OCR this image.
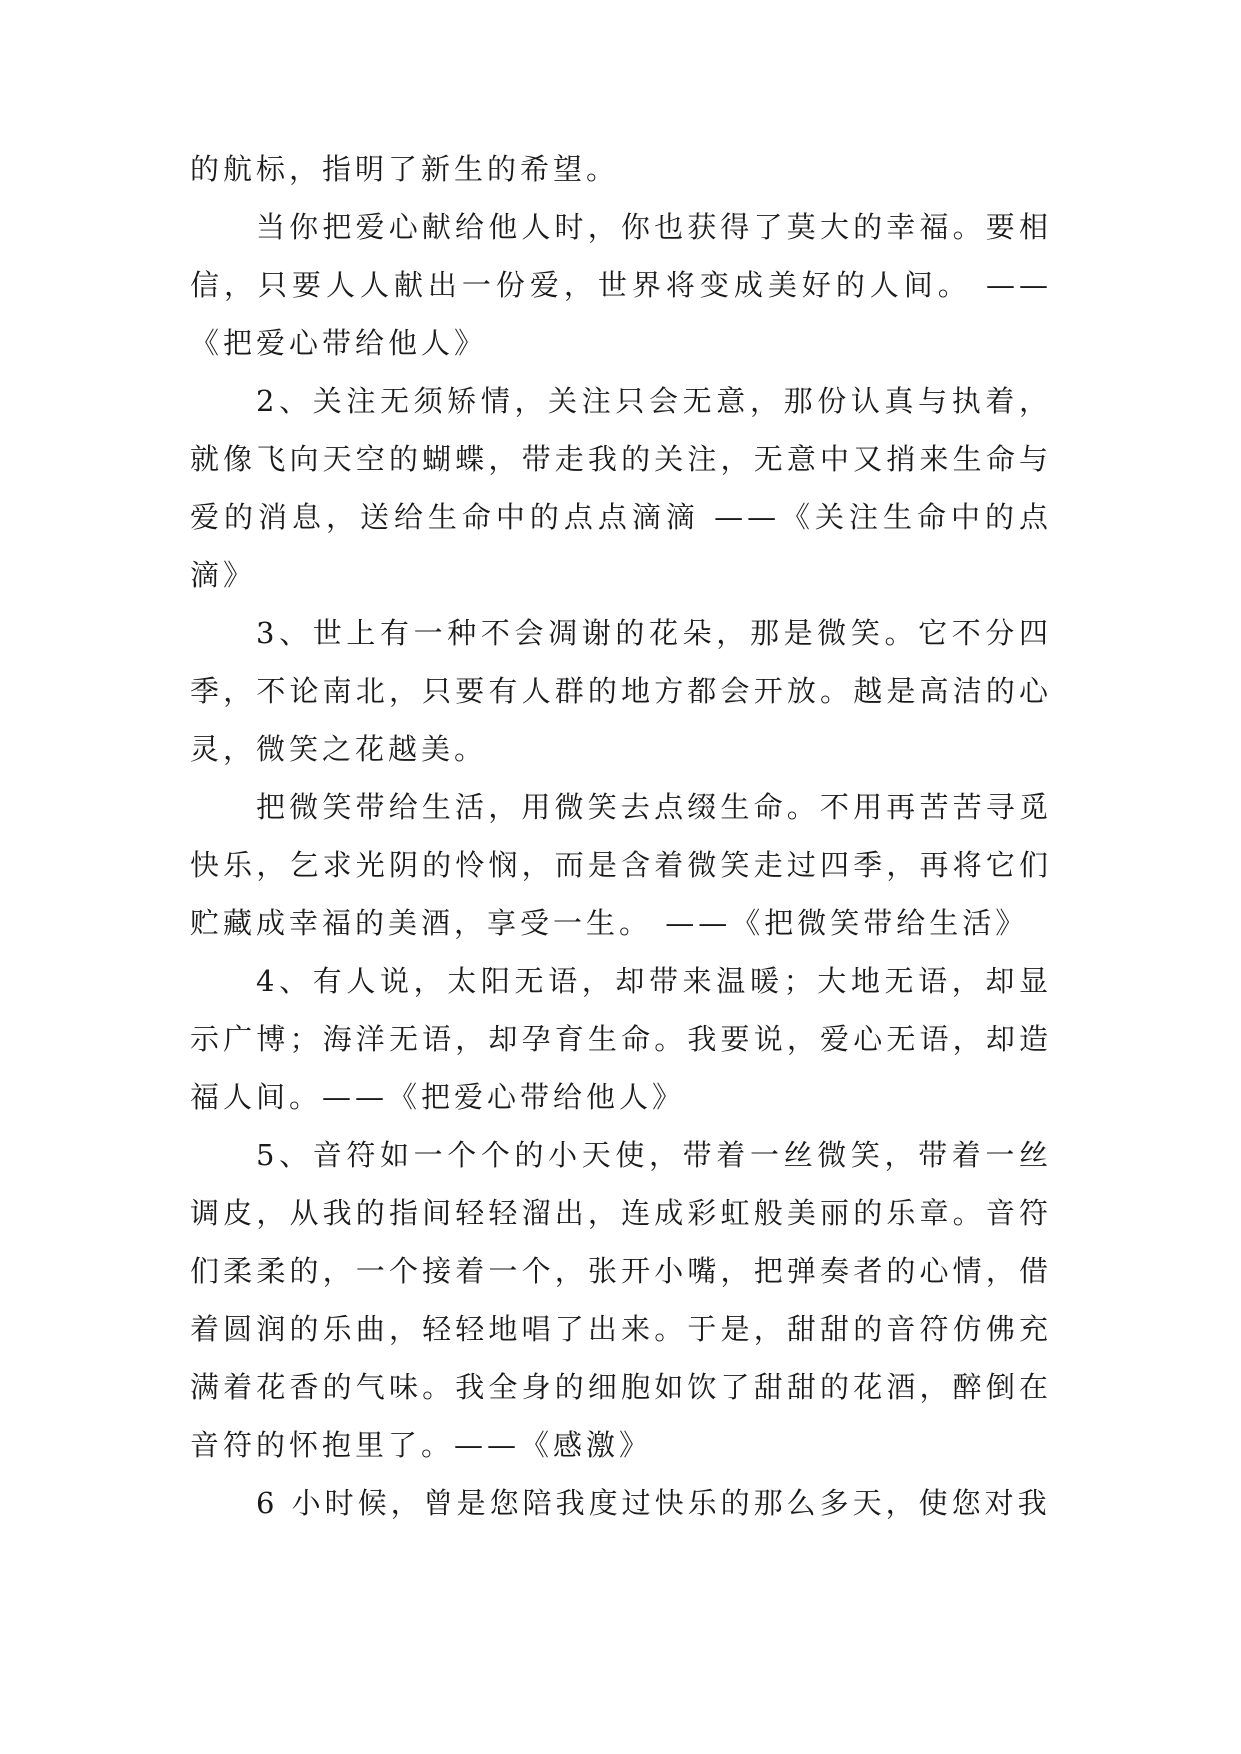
的航标，指明了新生的希望。

当你把爱心献给他人时，你也获得了莫大的幸福。要相信，只要人人献出一份爱，世界将变成美好的人间。 ——《把爱心带给他人》

2、关注无须矫情，关注只会无意，那份认真与执着，就像飞向天空的蝴蝶，带走我的关注，无意中又捎来生命与爱的消息，送给生命中的点点滴滴 ——《关注生命中的点滴》

3、世上有一种不会凋谢的花朵，那是微笑。它不分四季，不论南北，只要有人群的地方都会开放。越是高洁的心灵，微笑之花越美。

把微笑带给生活，用微笑去点缀生命。不用再苦苦寻觅快乐，乞求光阴的怜悯，而是含着微笑走过四季，再将它们贮藏成幸福的美酒，享受一生。 ——《把微笑带给生活》

4、有人说，太阳无语，却带来温暖；大地无语，却显示广博；海洋无语，却孕育生命。我要说，爱心无语，却造福人间。——《把爱心带给他人》

5、音符如一个个的小天使，带着一丝微笑，带着一丝调皮，从我的指间轻轻溜出，连成彩虹般美丽的乐章。音符们柔柔的，一个接着一个，张开小嘴，把弹奏者的心情，借着圆润的乐曲，轻轻地唱了出来。于是，甜甜的音符仿佛充满着花香的气味。我全身的细胞如饮了甜甜的花酒，醉倒在音符的怀抱里了。——《感激》

6 小时候，曾是您陪我度过快乐的那么多天，使您对我
